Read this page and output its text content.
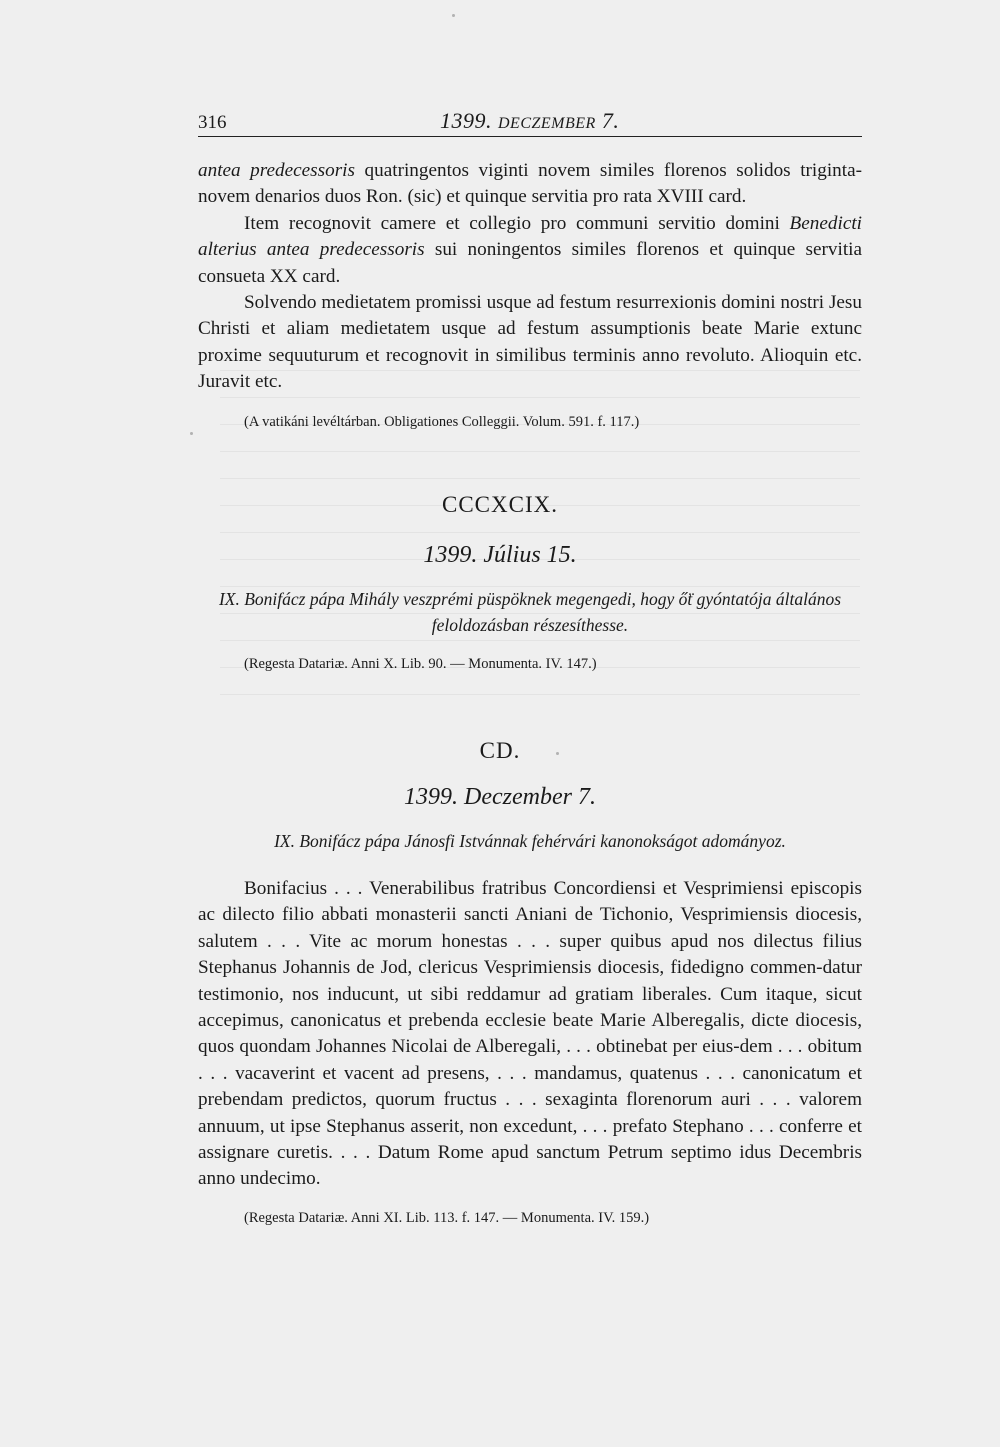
316	1399. DECZEMBER 7.

antea predecessoris quatringentos viginti novem similes florenos solidos triginta-novem denarios duos Ron. (sic) et quinque servitia pro rata XVIII card.

Item recognovit camere et collegio pro communi servitio domini Benedicti alterius antea predecessoris sui noningentos similes florenos et quinque servitia consueta XX card.

Solvendo medietatem promissi usque ad festum resurrexionis domini nostri Jesu Christi et aliam medietatem usque ad festum assumptionis beate Marie extunc proxime sequuturum et recognovit in similibus terminis anno revoluto. Alioquin etc. Juravit etc.

(A vatikáni levéltárban. Obligationes Colleggii. Volum. 591. f. 117.)
CCCXCIX.
1399. Július 15.
IX. Bonifácz pápa Mihály veszprémi püspöknek megengedi, hogy ő̈t gyóntatója általános
feloldozásban részesíthesse.
(Regesta Datariæ. Anni X. Lib. 90. — Monumenta. IV. 147.)
CD.
1399. Deczember 7.
IX. Bonifácz pápa Jánosfi Istvánnak fehérvári kanonokságot adományoz.

Bonifacius . . . Venerabilibus fratribus Concordiensi et Vesprimiensi episcopis ac dilecto filio abbati monasterii sancti Aniani de Tichonio, Vesprimiensis diocesis, salutem . . . Vite ac morum honestas . . . super quibus apud nos dilectus filius Stephanus Johannis de Jod, clericus Vesprimiensis diocesis, fidedigno commen-datur testimonio, nos inducunt, ut sibi reddamur ad gratiam liberales. Cum itaque, sicut accepimus, canonicatus et prebenda ecclesie beate Marie Alberegalis, dicte diocesis, quos quondam Johannes Nicolai de Alberegali, . . . obtinebat per eius-dem . . . obitum . . . vacaverint et vacent ad presens, . . . mandamus, quatenus . . . canonicatum et prebendam predictos, quorum fructus . . . sexaginta florenorum auri . . . valorem annuum, ut ipse Stephanus asserit, non excedunt, . . . prefato Stephano . . . conferre et assignare curetis. . . . Datum Rome apud sanctum Petrum septimo idus Decembris anno undecimo.

(Regesta Datariæ. Anni XI. Lib. 113. f. 147. — Monumenta. IV. 159.)
